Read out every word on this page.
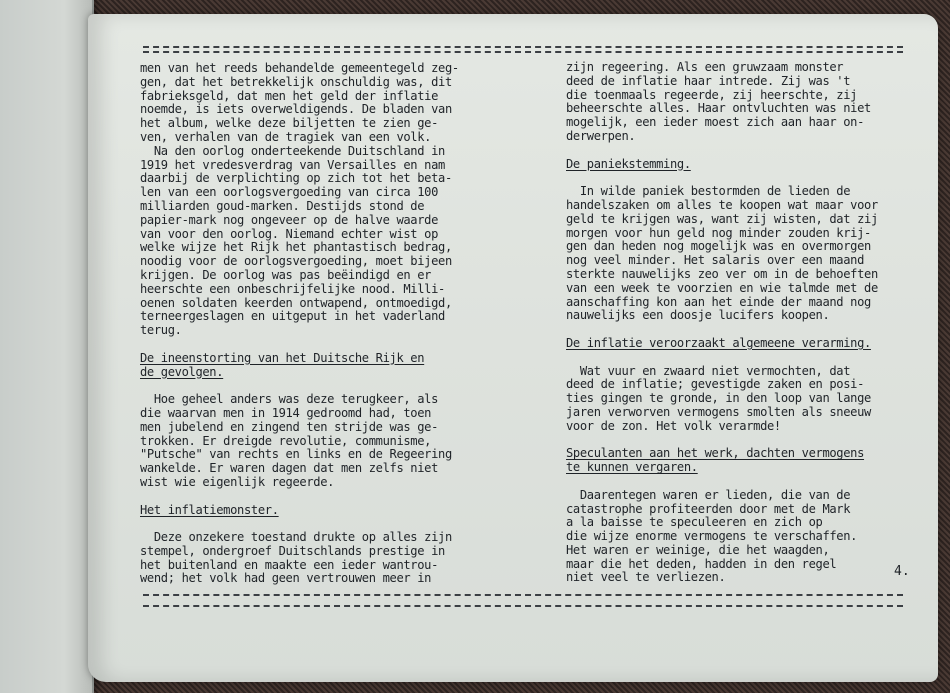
men van het reeds behandelde gemeentegeld zeg-
gen, dat het betrekkelijk onschuldig was, dit
fabrieksgeld, dat men het geld der inflatie
noemde, is iets overweldigends. De bladen van
het album, welke deze biljetten te zien ge-
ven, verhalen van de tragiek van een volk.
Na den oorlog onderteekende Duitschland in
1919 het vredesverdrag van Versailles en nam
daarbij de verplichting op zich tot het beta-
len van een oorlogsvergoeding van circa 100
milliarden goud-marken. Destijds stond de
papier-mark nog ongeveer op de halve waarde
van voor den oorlog. Niemand echter wist op
welke wijze het Rijk het phantastisch bedrag,
noodig voor de oorlogsvergoeding, moet bijeen
krijgen. De oorlog was pas beëindigd en er
heerschte een onbeschrijfelijke nood. Milli-
oenen soldaten keerden ontwapend, ontmoedigd,
terneergeslagen en uitgeput in het vaderland
terug.

De ineenstorting van het Duitsche Rijk en
de gevolgen.

Hoe geheel anders was deze terugkeer, als
die waarvan men in 1914 gedroomd had, toen
men jubelend en zingend ten strijde was ge-
trokken. Er dreigde revolutie, communisme,
"Putsche" van rechts en links en de Regeering
wankelde. Er waren dagen dat men zelfs niet
wist wie eigenlijk regeerde.

Het inflatiemonster.

Deze onzekere toestand drukte op alles zijn
stempel, ondergroef Duitschlands prestige in
het buitenland en maakte een ieder wantrou-
wend; het volk had geen vertrouwen meer in
zijn regeering. Als een gruwzaam monster
deed de inflatie haar intrede. Zij was 't
die toenmaals regeerde, zij heerschte, zij
beheerschte alles. Haar ontvluchten was niet
mogelijk, een ieder moest zich aan haar on-
derwerpen.

De paniekstemming.

In wilde paniek bestormden de lieden de
handelszaken om alles te koopen wat maar voor
geld te krijgen was, want zij wisten, dat zij
morgen voor hun geld nog minder zouden krij-
gen dan heden nog mogelijk was en overmorgen
nog veel minder. Het salaris over een maand
sterkte nauwelijks zeo ver om in de behoeften
van een week te voorzien en wie talmde met de
aanschaffing kon aan het einde der maand nog
nauwelijks een doosje lucifers koopen.

De inflatie veroorzaakt algemeene verarming.

Wat vuur en zwaard niet vermochten, dat
deed de inflatie; gevestigde zaken en posi-
ties gingen te gronde, in den loop van lange
jaren verworven vermogens smolten als sneeuw
voor de zon. Het volk verarmde!

Speculanten aan het werk, dachten vermogens
te kunnen vergaren.

Daarentegen waren er lieden, die van de
catastrophe profiteerden door met de Mark
a la baisse te speculeeren en zich op
die wijze enorme vermogens te verschaffen.
Het waren er weinige, die het waagden,
maar die het deden, hadden in den regel
niet veel te verliezen.	4.
